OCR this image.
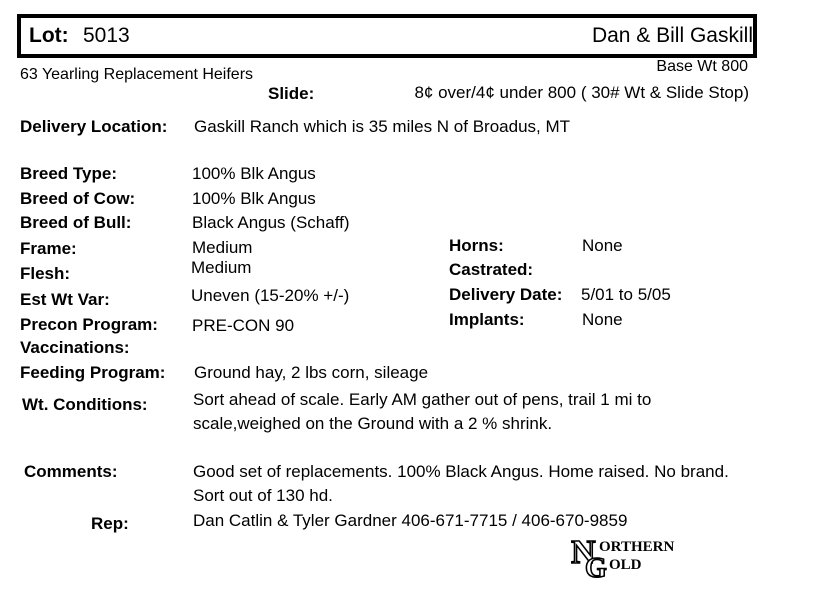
Lot: 5013	Dan & Bill Gaskill
63 Yearling Replacement Heifers	Base Wt 800
Slide:	8¢ over/4¢ under 800 ( 30# Wt & Slide Stop)
Delivery Location: Gaskill Ranch which is 35 miles N of Broadus, MT
Breed Type:	100% Blk Angus
Breed of Cow:	100% Blk Angus
Breed of Bull:	Black Angus (Schaff)
Frame:	Medium
Flesh:	Medium
Est Wt Var:	Uneven (15-20% +/-)
Precon Program: PRE-CON 90
Vaccinations:
Horns:	None
Castrated:
Delivery Date: 5/01 to 5/05
Implants:	None
Feeding Program: Ground hay, 2 lbs corn, sileage
Wt. Conditions:	Sort ahead of scale. Early AM gather out of pens, trail 1 mi to
scale,weighed on the Ground with a 2 % shrink.
Comments:	Good set of replacements. 100% Black Angus. Home raised. No brand.
Sort out of 130 hd.
Rep:	Dan Catlin & Tyler Gardner 406-671-7715 / 406-670-9859
N
G
ORTHERN
OLD
